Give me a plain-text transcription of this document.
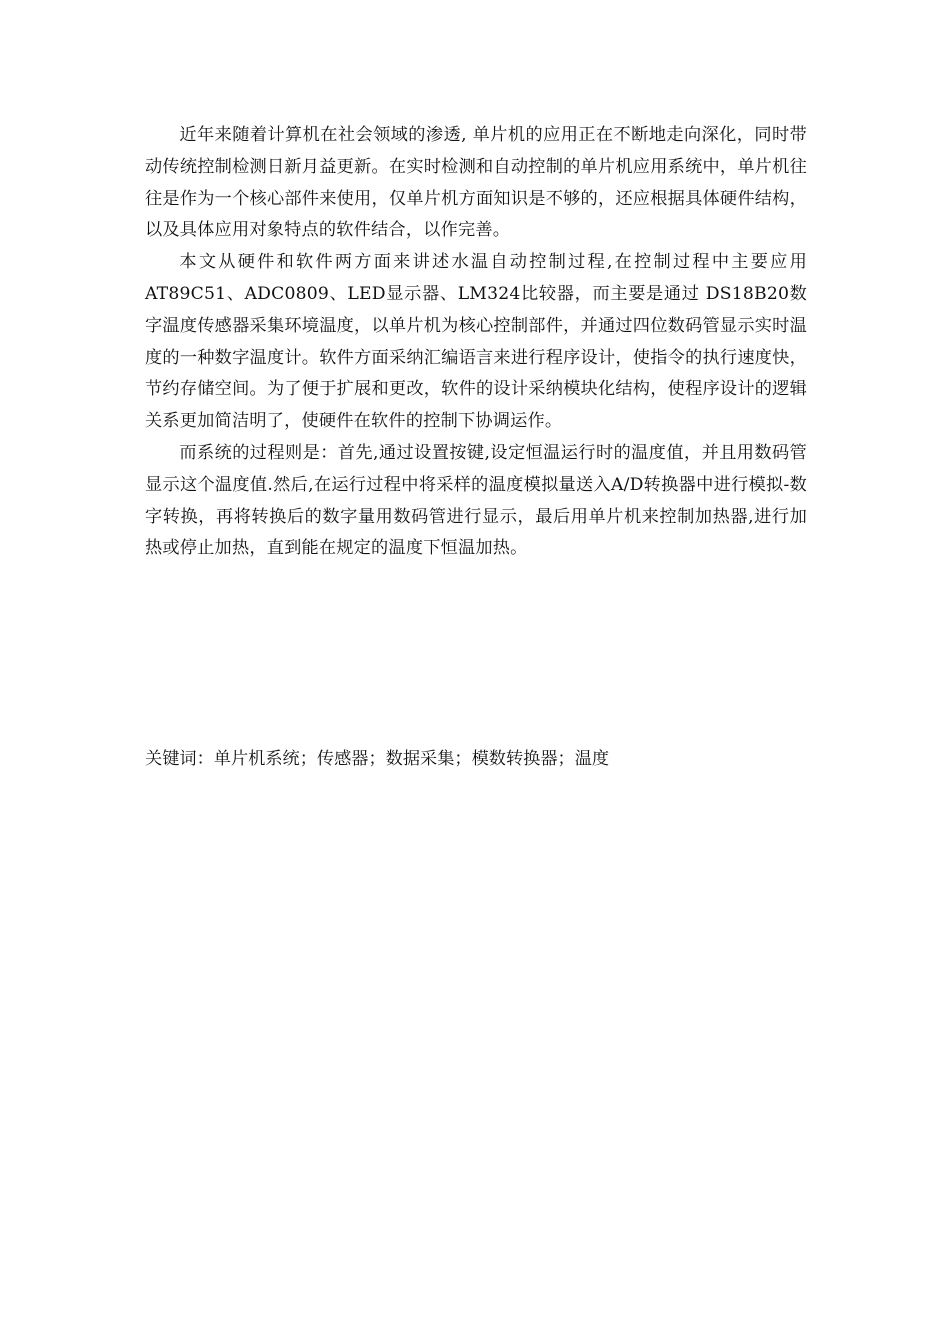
近年来随着计算机在社会领域的渗透, 单片机的应用正在不断地走向深化，同时带动传统控制检测日新月益更新。在实时检测和自动控制的单片机应用系统中，单片机往往是作为一个核心部件来使用，仅单片机方面知识是不够的，还应根据具体硬件结构，以及具体应用对象特点的软件结合，以作完善。

本文从硬件和软件两方面来讲述水温自动控制过程,在控制过程中主要应用AT89C51、ADC0809、LED显示器、LM324比较器，而主要是通过 DS18B20数字温度传感器采集环境温度，以单片机为核心控制部件，并通过四位数码管显示实时温度的一种数字温度计。软件方面采纳汇编语言来进行程序设计，使指令的执行速度快，节约存储空间。为了便于扩展和更改，软件的设计采纳模块化结构，使程序设计的逻辑关系更加简洁明了，使硬件在软件的控制下协调运作。

而系统的过程则是：首先,通过设置按键,设定恒温运行时的温度值，并且用数码管显示这个温度值.然后,在运行过程中将采样的温度模拟量送入A/D转换器中进行模拟-数字转换，再将转换后的数字量用数码管进行显示，最后用单片机来控制加热器,进行加热或停止加热，直到能在规定的温度下恒温加热。

关键词：单片机系统；传感器；数据采集；模数转换器；温度
